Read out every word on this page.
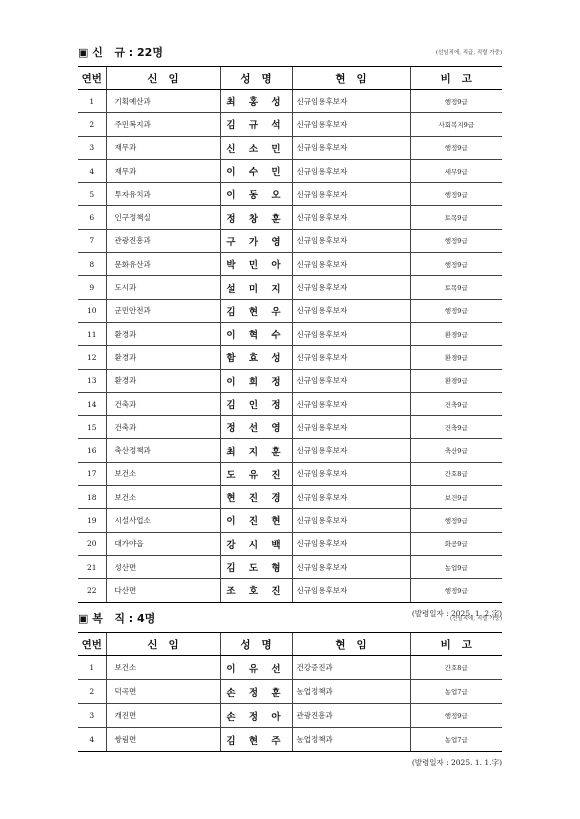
▣ 신   규 : 22명	(선임직에, 직급, 직렬 가중)
연번	신   임	성   명	현   임	비   고
1	기획예산과	최 홍 성	신규임용후보자	행정9급
2	주민복지과	김 규 석	신규임용후보자	사회복지9급
3	재무과	신 소 민	신규임용후보자	행정9급
4	재무과	이 수 민	신규임용후보자	세무9급
5	투자유치과	이 동 오	신규임용후보자	행정9급
6	인구정책실	정 창 훈	신규임용후보자	토목9급
7	관광진흥과	구 가 영	신규임용후보자	행정9급
8	문화유산과	박 민 아	신규임용후보자	행정9급
9	도시과	설 미 지	신규임용후보자	토목9급
10	군민안전과	김 현 우	신규임용후보자	행정9급
11	환경과	이 혁 수	신규임용후보자	환경9급
12	환경과	함 효 성	신규임용후보자	환경9급
13	환경과	이 희 정	신규임용후보자	환경9급
14	건축과	김 인 정	신규임용후보자	건축9급
15	건축과	정 선 영	신규임용후보자	건축9급
16	축산정책과	최 지 훈	신규임용후보자	축산9급
17	보건소	도 유 진	신규임용후보자	간호8급
18	보건소	현 진 경	신규임용후보자	보건9급
19	시설사업소	이 진 현	신규임용후보자	행정9급
20	대가야읍	강 시 백	신규임용후보자	화공9급
21	성산면	김 도 형	신규임용후보자	농업9급
22	다산면	조 호 진	신규임용후보자	행정9급
(발령일자 : 2025. 1. 2.字)
▣ 복   직 : 4명	(선임직에, 직렬 가중)
연번	신   임	성   명	현   임	비   고
1	보건소	이 유 선	건강증진과	간호8급
2	덕곡면	손 정 훈	농업정책과	농업7급
3	개진면	손 정 아	관광진흥과	행정9급
4	쌍림면	김 현 주	농업정책과	농업7급
(발령일자 : 2025. 1. 1.字)
